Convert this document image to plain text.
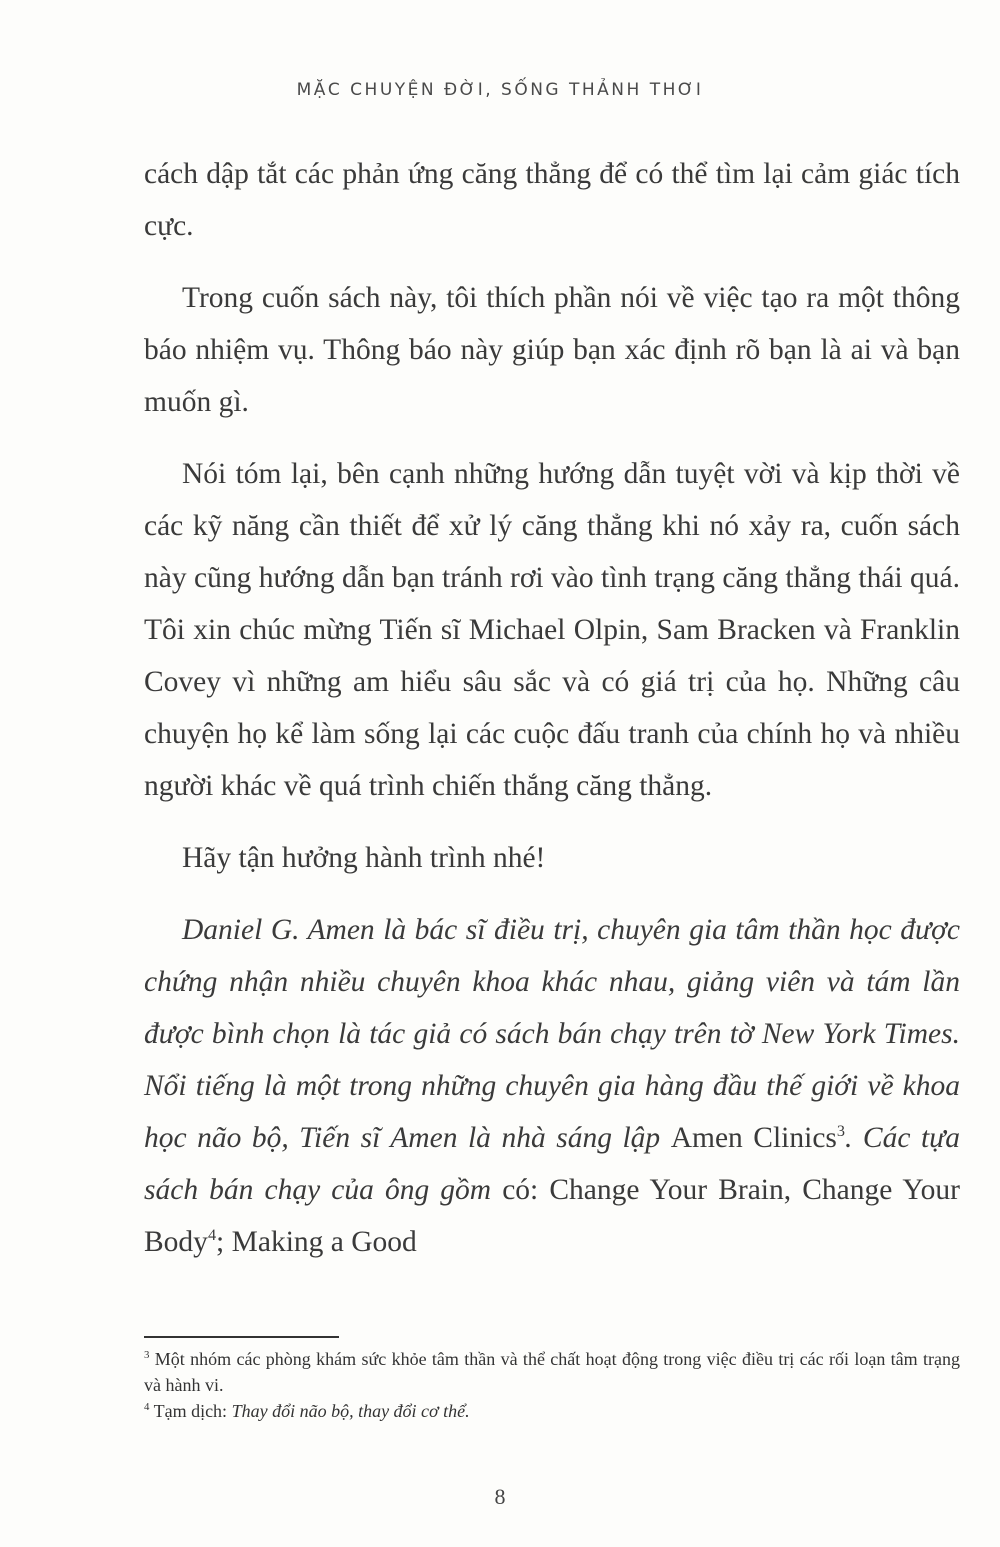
MẶC CHUYỆN ĐỜI, SỐNG THẢNH THƠI

cách dập tắt các phản ứng căng thẳng để có thể tìm lại cảm giác tích cực.

Trong cuốn sách này, tôi thích phần nói về việc tạo ra một thông báo nhiệm vụ. Thông báo này giúp bạn xác định rõ bạn là ai và bạn muốn gì.

Nói tóm lại, bên cạnh những hướng dẫn tuyệt vời và kịp thời về các kỹ năng cần thiết để xử lý căng thẳng khi nó xảy ra, cuốn sách này cũng hướng dẫn bạn tránh rơi vào tình trạng căng thẳng thái quá. Tôi xin chúc mừng Tiến sĩ Michael Olpin, Sam Bracken và Franklin Covey vì những am hiểu sâu sắc và có giá trị của họ. Những câu chuyện họ kể làm sống lại các cuộc đấu tranh của chính họ và nhiều người khác về quá trình chiến thắng căng thẳng.

Hãy tận hưởng hành trình nhé!

Daniel G. Amen là bác sĩ điều trị, chuyên gia tâm thần học được chứng nhận nhiều chuyên khoa khác nhau, giảng viên và tám lần được bình chọn là tác giả có sách bán chạy trên tờ New York Times. Nổi tiếng là một trong những chuyên gia hàng đầu thế giới về khoa học não bộ, Tiến sĩ Amen là nhà sáng lập Amen Clinics$^3$. Các tựa sách bán chạy của ông gồm có: Change Your Brain, Change Your Body$^4$; Making a Good

$^3$ Một nhóm các phòng khám sức khỏe tâm thần và thể chất hoạt động trong việc điều trị các rối loạn tâm trạng và hành vi.

$^4$ Tạm dịch: Thay đổi não bộ, thay đổi cơ thể.

8
